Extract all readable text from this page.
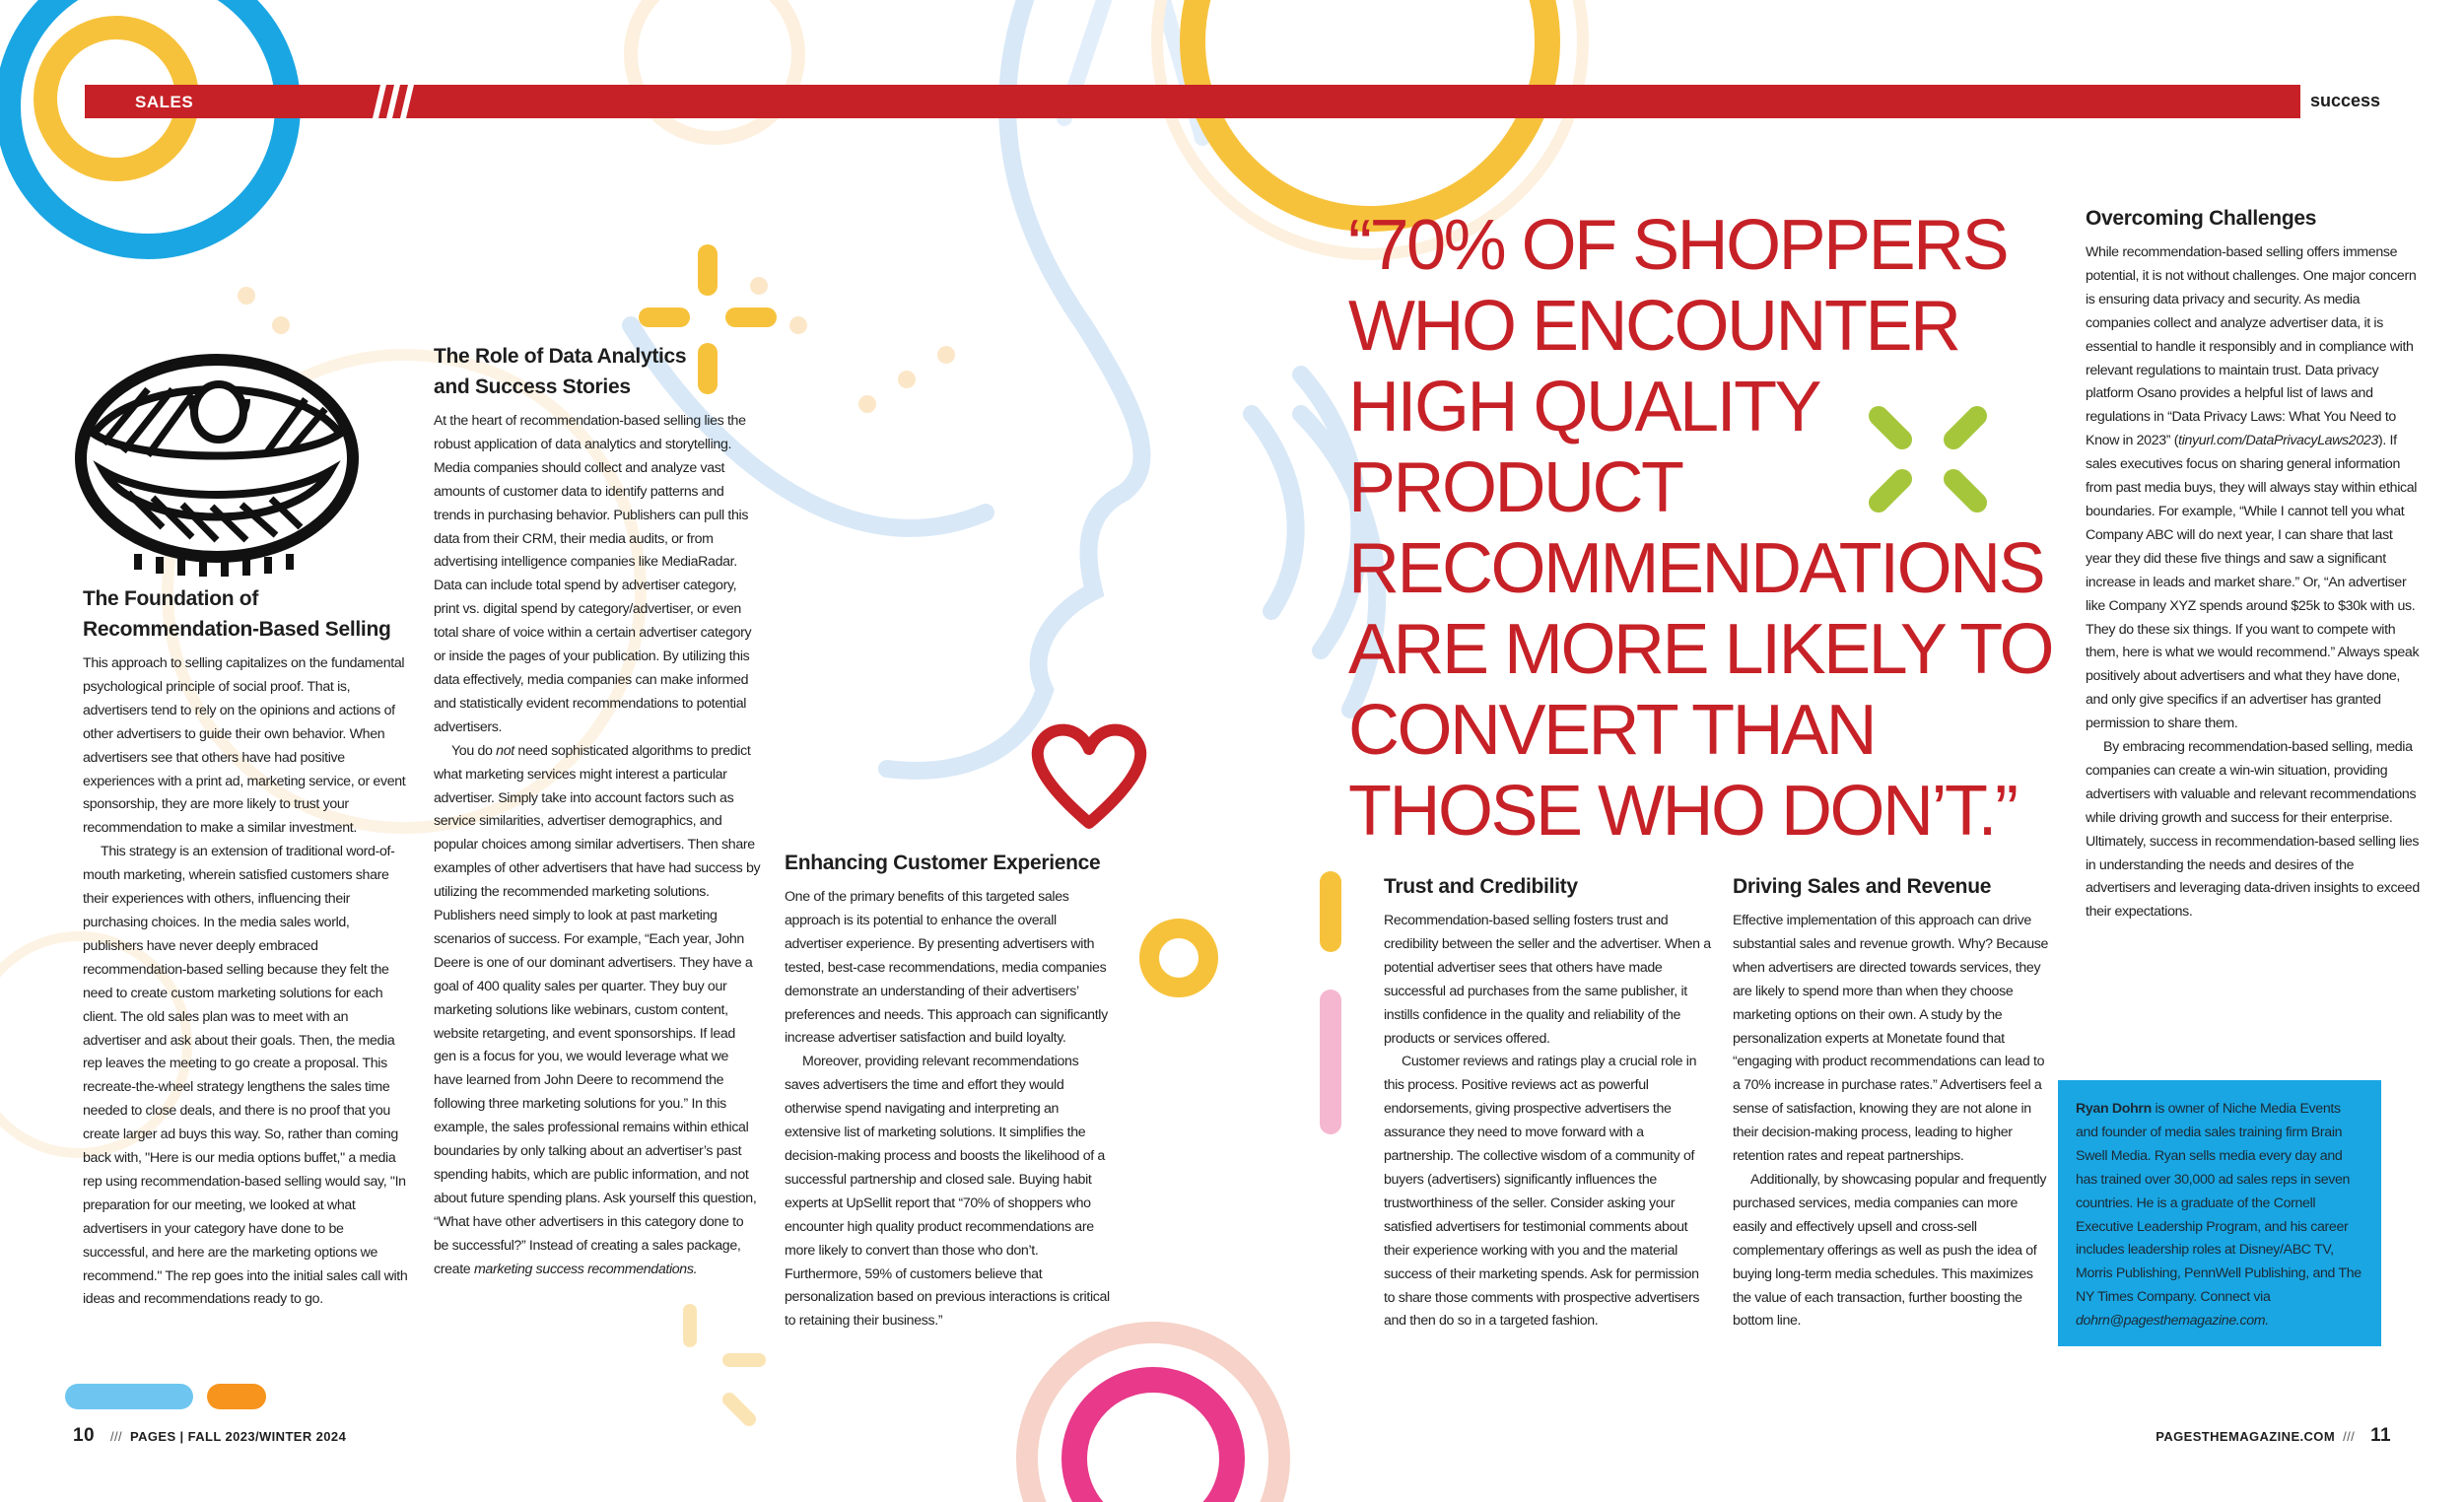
SALES	success
The Foundation of
Recommendation-Based Selling

This approach to selling capitalizes on the fundamental psychological principle of social proof. That is, advertisers tend to rely on the opinions and actions of other advertisers to guide their own behavior. When advertisers see that others have had positive experiences with a print ad, marketing service, or event sponsorship, they are more likely to trust your recommendation to make a similar investment.

This strategy is an extension of traditional word-of-mouth marketing, wherein satisfied customers share their experiences with others, influencing their purchasing choices. In the media sales world, publishers have never deeply embraced recommendation-based selling because they felt the need to create custom marketing solutions for each client. The old sales plan was to meet with an advertiser and ask about their goals. Then, the media rep leaves the meeting to go create a proposal. This recreate-the-wheel strategy lengthens the sales time needed to close deals, and there is no proof that you create larger ad buys this way. So, rather than coming back with, "Here is our media options buffet," a media rep using recommendation-based selling would say, "In preparation for our meeting, we looked at what advertisers in your category have done to be successful, and here are the marketing options we recommend." The rep goes into the initial sales call with ideas and recommendations ready to go.

The Role of Data Analytics
and Success Stories

At the heart of recommendation-based selling lies the robust application of data analytics and storytelling. Media companies should collect and analyze vast amounts of customer data to identify patterns and trends in purchasing behavior. Publishers can pull this data from their CRM, their media audits, or from advertising intelligence companies like MediaRadar. Data can include total spend by advertiser category, print vs. digital spend by category/advertiser, or even total share of voice within a certain advertiser category or inside the pages of your publication. By utilizing this data effectively, media companies can make informed and statistically evident recommendations to potential advertisers.

You do not need sophisticated algorithms to predict what marketing services might interest a particular advertiser. Simply take into account factors such as service similarities, advertiser demographics, and popular choices among similar advertisers. Then share examples of other advertisers that have had success by utilizing the recommended marketing solutions. Publishers need simply to look at past marketing scenarios of success. For example, “Each year, John Deere is one of our dominant advertisers. They have a goal of 400 quality sales per quarter. They buy our marketing solutions like webinars, custom content, website retargeting, and event sponsorships. If lead gen is a focus for you, we would leverage what we have learned from John Deere to recommend the following three marketing solutions for you.” In this example, the sales professional remains within ethical boundaries by only talking about an advertiser’s past spending habits, which are public information, and not about future spending plans. Ask yourself this question, “What have other advertisers in this category done to be successful?” Instead of creating a sales package, create marketing success recommendations.

Enhancing Customer Experience

One of the primary benefits of this targeted sales approach is its potential to enhance the overall advertiser experience. By presenting advertisers with tested, best-case recommendations, media companies demonstrate an understanding of their advertisers’ preferences and needs. This approach can significantly increase advertiser satisfaction and build loyalty.

Moreover, providing relevant recommendations saves advertisers the time and effort they would otherwise spend navigating and interpreting an extensive list of marketing solutions. It simplifies the decision-making process and boosts the likelihood of a successful partnership and closed sale. Buying habit experts at UpSellit report that “70% of shoppers who encounter high quality product recommendations are more likely to convert than those who don’t. Furthermore, 59% of customers believe that personalization based on previous interactions is critical to retaining their business.”

“70% OF SHOPPERS WHO ENCOUNTER HIGH QUALITY PRODUCT RECOMMENDATIONS ARE MORE LIKELY TO CONVERT THAN THOSE WHO DON’T.”
Trust and Credibility

Recommendation-based selling fosters trust and credibility between the seller and the advertiser. When a potential advertiser sees that others have made successful ad purchases from the same publisher, it instills confidence in the quality and reliability of the products or services offered.

Customer reviews and ratings play a crucial role in this process. Positive reviews act as powerful endorsements, giving prospective advertisers the assurance they need to move forward with a partnership. The collective wisdom of a community of buyers (advertisers) significantly influences the trustworthiness of the seller. Consider asking your satisfied advertisers for testimonial comments about their experience working with you and the material success of their marketing spends. Ask for permission to share those comments with prospective advertisers and then do so in a targeted fashion.

Driving Sales and Revenue

Effective implementation of this approach can drive substantial sales and revenue growth. Why? Because when advertisers are directed towards services, they are likely to spend more than when they choose marketing options on their own. A study by the personalization experts at Monetate found that “engaging with product recommendations can lead to a 70% increase in purchase rates.” Advertisers feel a sense of satisfaction, knowing they are not alone in their decision-making process, leading to higher retention rates and repeat partnerships.

Additionally, by showcasing popular and frequently purchased services, media companies can more easily and effectively upsell and cross-sell complementary offerings as well as push the idea of buying long-term media schedules. This maximizes the value of each transaction, further boosting the bottom line.

Overcoming Challenges

While recommendation-based selling offers immense potential, it is not without challenges. One major concern is ensuring data privacy and security. As media companies collect and analyze advertiser data, it is essential to handle it responsibly and in compliance with relevant regulations to maintain trust. Data privacy platform Osano provides a helpful list of laws and regulations in “Data Privacy Laws: What You Need to Know in 2023” (tinyurl.com/DataPrivacyLaws2023). If sales executives focus on sharing general information from past media buys, they will always stay within ethical boundaries. For example, “While I cannot tell you what Company ABC will do next year, I can share that last year they did these five things and saw a significant increase in leads and market share.” Or, “An advertiser like Company XYZ spends around $25k to $30k with us. They do these six things. If you want to compete with them, here is what we would recommend.” Always speak positively about advertisers and what they have done, and only give specifics if an advertiser has granted permission to share them.

By embracing recommendation-based selling, media companies can create a win-win situation, providing advertisers with valuable and relevant recommendations while driving growth and success for their enterprise. Ultimately, success in recommendation-based selling lies in understanding the needs and desires of the advertisers and leveraging data-driven insights to exceed their expectations.

Ryan Dohrn is owner of Niche Media Events and founder of media sales training firm Brain Swell Media. Ryan sells media every day and has trained over 30,000 ad sales reps in seven countries. He is a graduate of the Cornell Executive Leadership Program, and his career includes leadership roles at Disney/ABC TV, Morris Publishing, PennWell Publishing, and The NY Times Company. Connect via dohrn@pagesthemagazine.com.

10 /// PAGES | FALL 2023/WINTER 2024	PAGESTHEMAGAZINE.COM /// 11
